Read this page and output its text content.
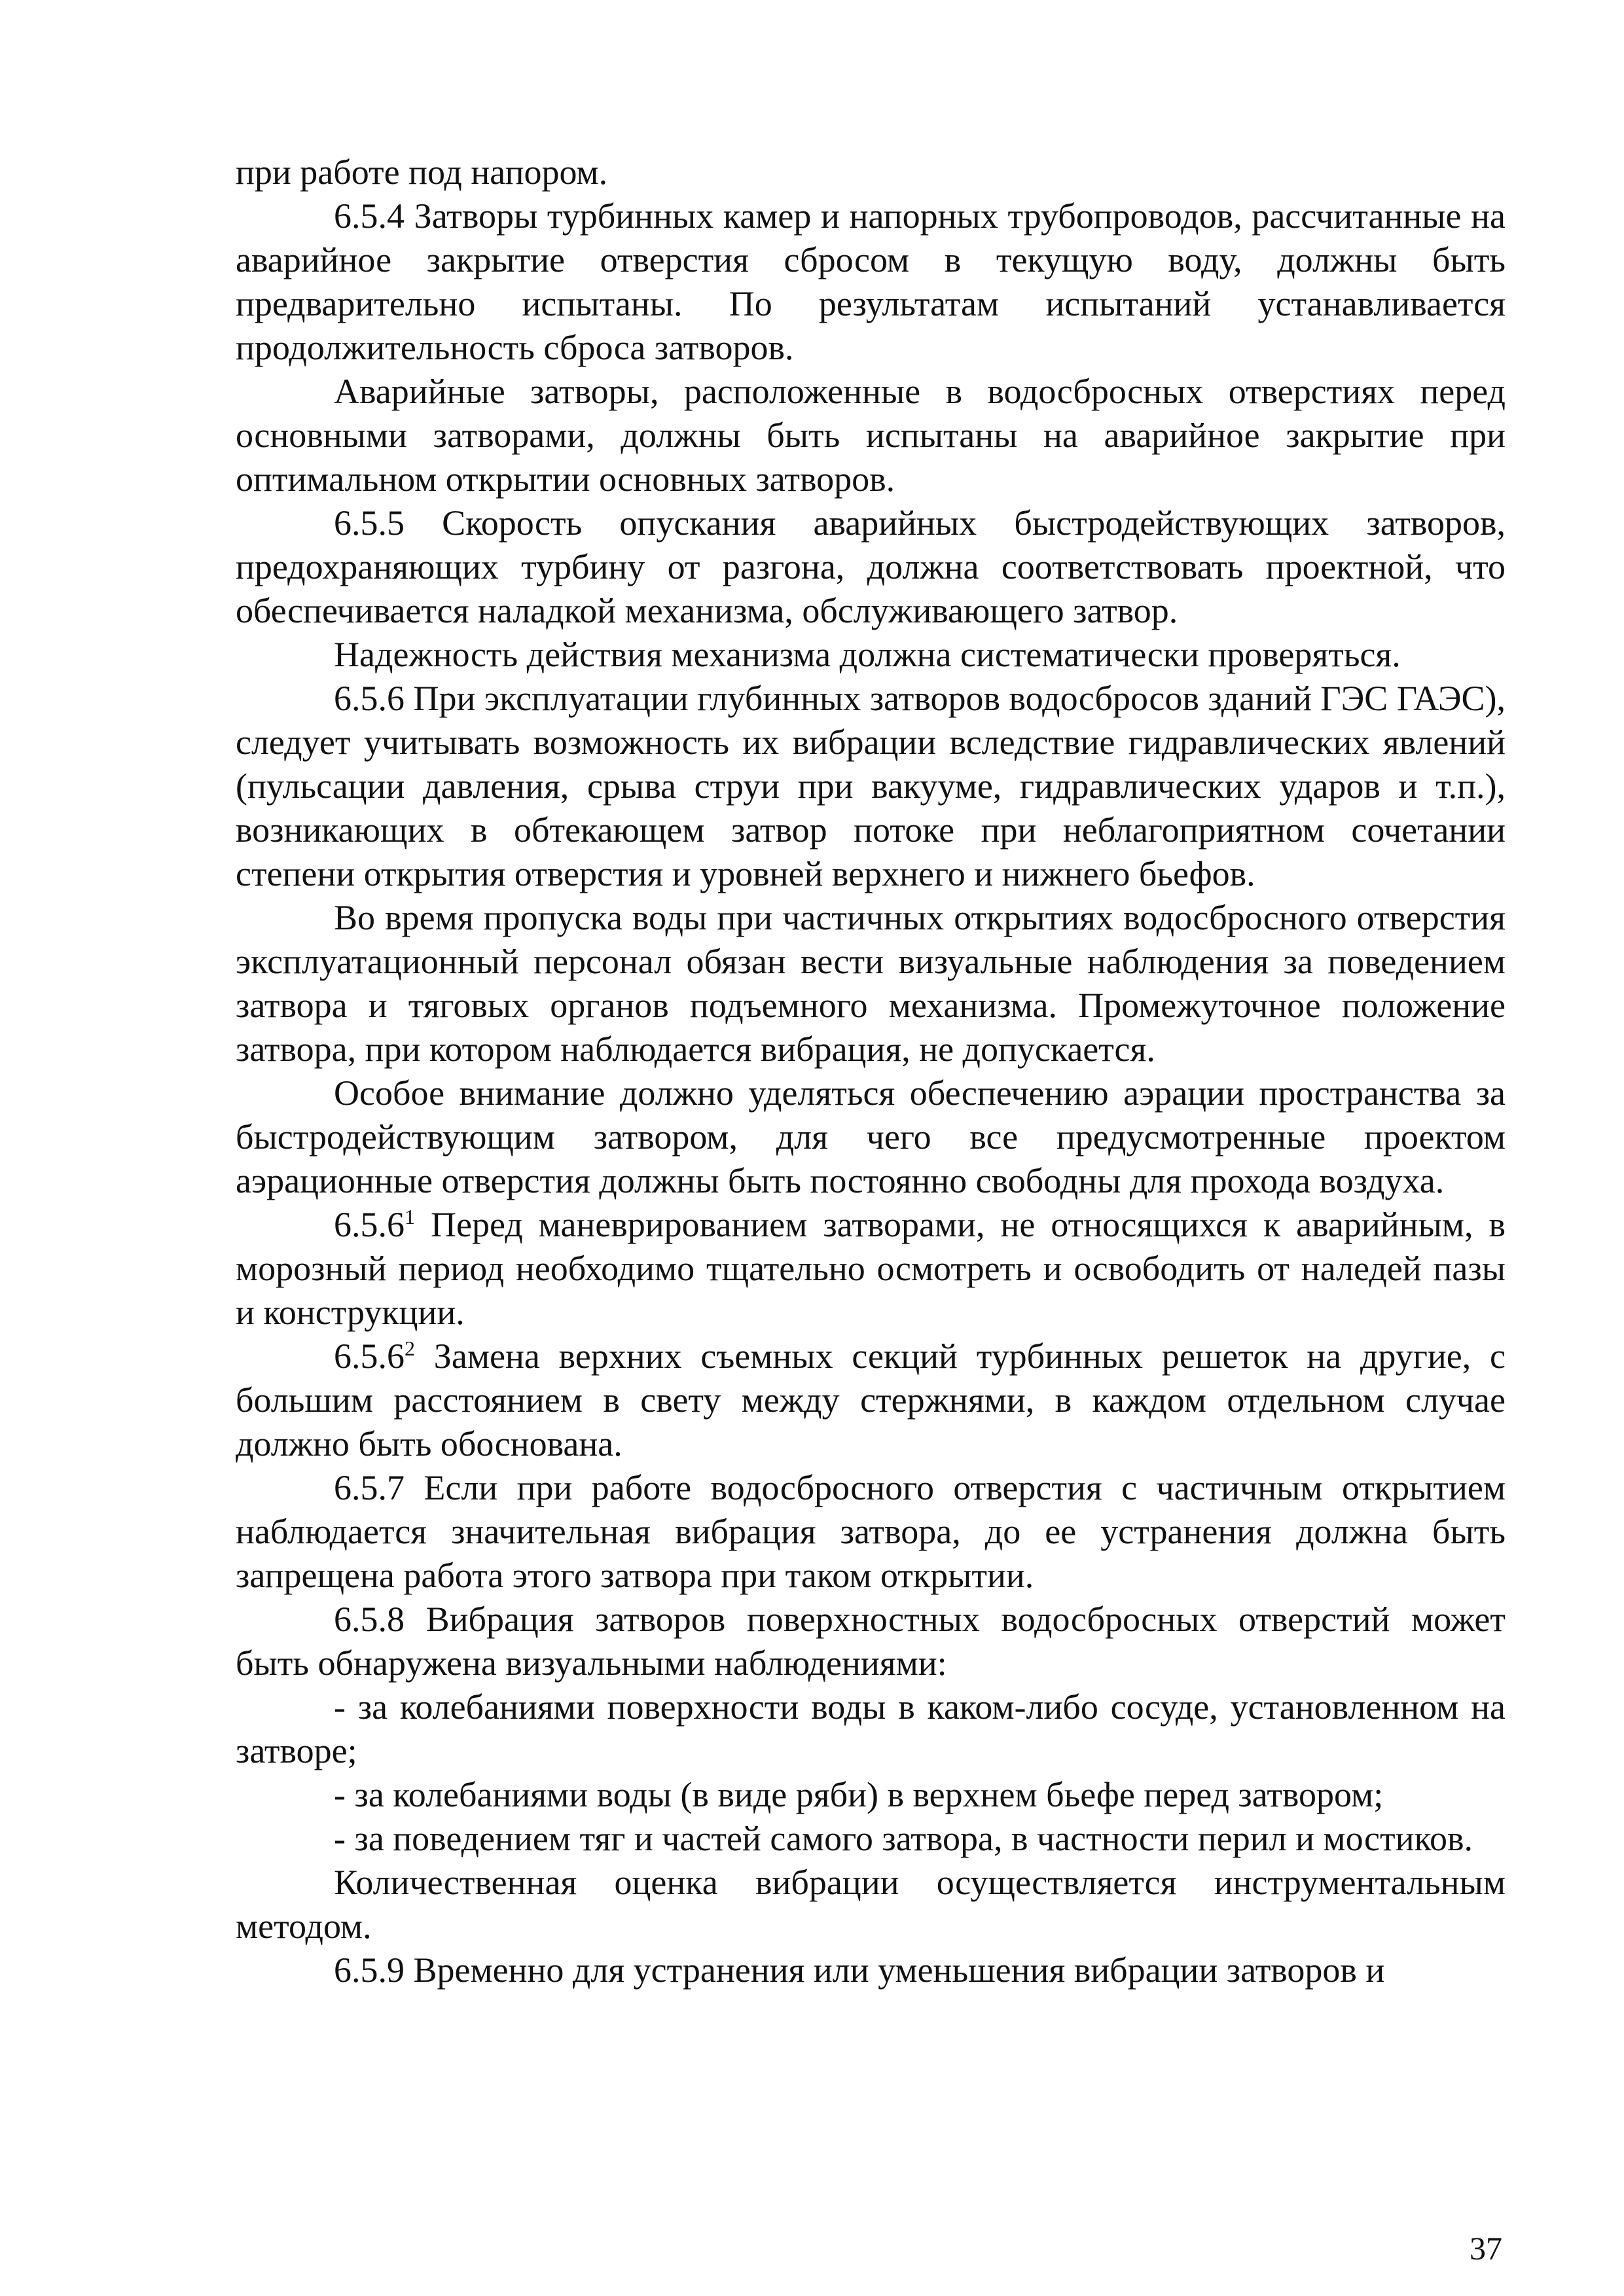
при работе под напором.

6.5.4 Затворы турбинных камер и напорных трубопроводов, рассчитанные на аварийное закрытие отверстия сбросом в текущую воду, должны быть предварительно испытаны. По результатам испытаний устанавливается продолжительность сброса затворов.

Аварийные затворы, расположенные в водосбросных отверстиях перед основными затворами, должны быть испытаны на аварийное закрытие при оптимальном открытии основных затворов.

6.5.5 Скорость опускания аварийных быстродействующих затворов, предохраняющих турбину от разгона, должна соответствовать проектной, что обеспечивается наладкой механизма, обслуживающего затвор.

Надежность действия механизма должна систематически проверяться.

6.5.6 При эксплуатации глубинных затворов водосбросов зданий ГЭС ГАЭС), следует учитывать возможность их вибрации вследствие гидравлических явлений (пульсации давления, срыва струи при вакууме, гидравлических ударов и т.п.), возникающих в обтекающем затвор потоке при неблагоприятном сочетании степени открытия отверстия и уровней верхнего и нижнего бьефов.

Во время пропуска воды при частичных открытиях водосбросного отверстия эксплуатационный персонал обязан вести визуальные наблюдения за поведением затвора и тяговых органов подъемного механизма. Промежуточное положение затвора, при котором наблюдается вибрация, не допускается.

Особое внимание должно уделяться обеспечению аэрации пространства за быстродействующим затвором, для чего все предусмотренные проектом аэрационные отверстия должны быть постоянно свободны для прохода воздуха.

6.5.6$^1$ Перед маневрированием затворами, не относящихся к аварийным, в морозный период необходимо тщательно осмотреть и освободить от наледей пазы и конструкции.

6.5.6$^2$ Замена верхних съемных секций турбинных решеток на другие, с большим расстоянием в свету между стержнями, в каждом отдельном случае должно быть обоснована.

6.5.7 Если при работе водосбросного отверстия с частичным открытием наблюдается значительная вибрация затвора, до ее устранения должна быть запрещена работа этого затвора при таком открытии.

6.5.8 Вибрация затворов поверхностных водосбросных отверстий может быть обнаружена визуальными наблюдениями:

- за колебаниями поверхности воды в каком-либо сосуде, установленном на затворе;

- за колебаниями воды (в виде ряби) в верхнем бьефе перед затвором;

- за поведением тяг и частей самого затвора, в частности перил и мостиков.

Количественная оценка вибрации осуществляется инструментальным методом.

6.5.9 Временно для устранения или уменьшения вибрации затворов и

37
